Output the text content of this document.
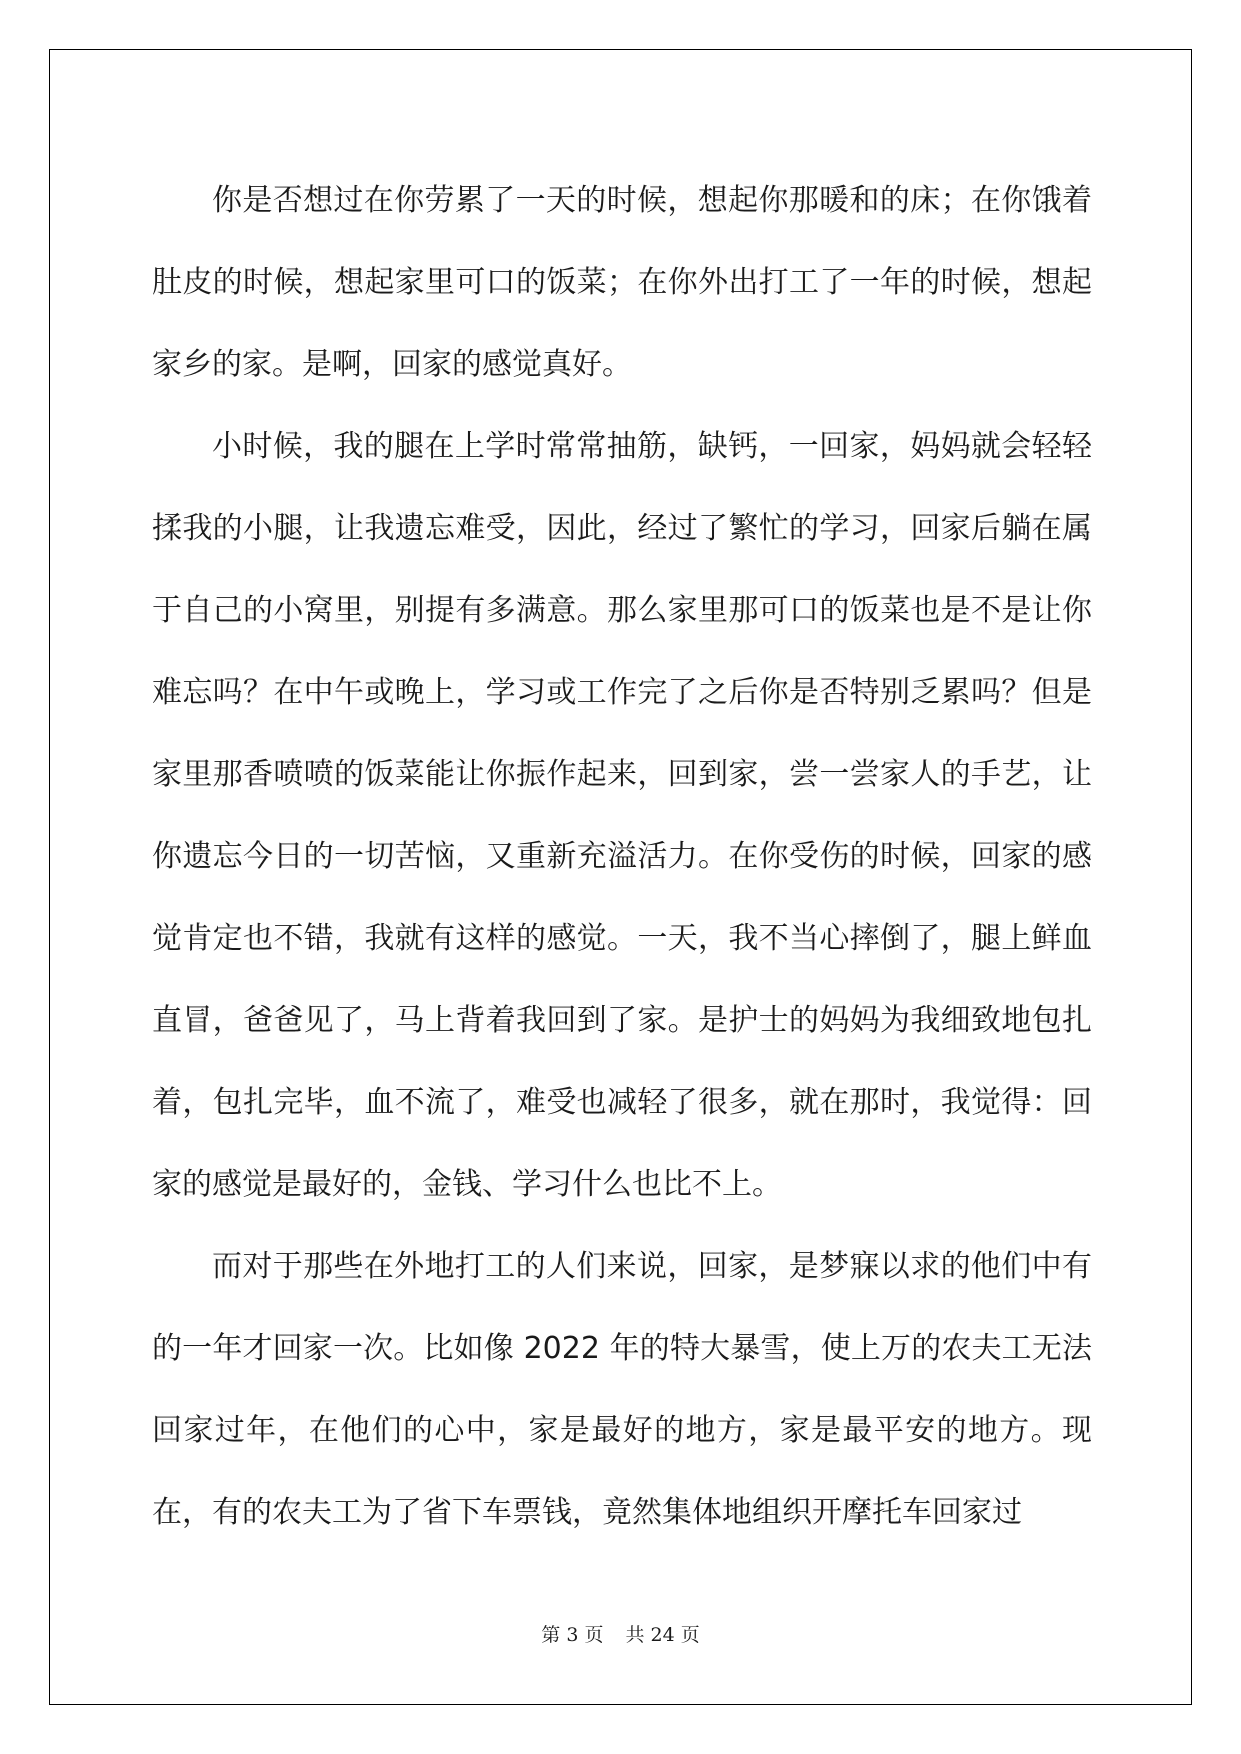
你是否想过在你劳累了一天的时候，想起你那暖和的床；在你饿着肚皮的时候，想起家里可口的饭菜；在你外出打工了一年的时候，想起家乡的家。是啊，回家的感觉真好。

小时候，我的腿在上学时常常抽筋，缺钙，一回家，妈妈就会轻轻揉我的小腿，让我遗忘难受，因此，经过了繁忙的学习，回家后躺在属于自己的小窝里，别提有多满意。那么家里那可口的饭菜也是不是让你难忘吗？在中午或晚上，学习或工作完了之后你是否特别乏累吗？但是家里那香喷喷的饭菜能让你振作起来，回到家，尝一尝家人的手艺，让你遗忘今日的一切苦恼，又重新充溢活力。在你受伤的时候，回家的感觉肯定也不错，我就有这样的感觉。一天，我不当心摔倒了，腿上鲜血直冒，爸爸见了，马上背着我回到了家。是护士的妈妈为我细致地包扎着，包扎完毕，血不流了，难受也减轻了很多，就在那时，我觉得：回家的感觉是最好的，金钱、学习什么也比不上。

而对于那些在外地打工的人们来说，回家，是梦寐以求的他们中有的一年才回家一次。比如像 2022 年的特大暴雪，使上万的农夫工无法回家过年，在他们的心中，家是最好的地方，家是最平安的地方。现在，有的农夫工为了省下车票钱，竟然集体地组织开摩托车回家过

第 3 页 共 24 页
